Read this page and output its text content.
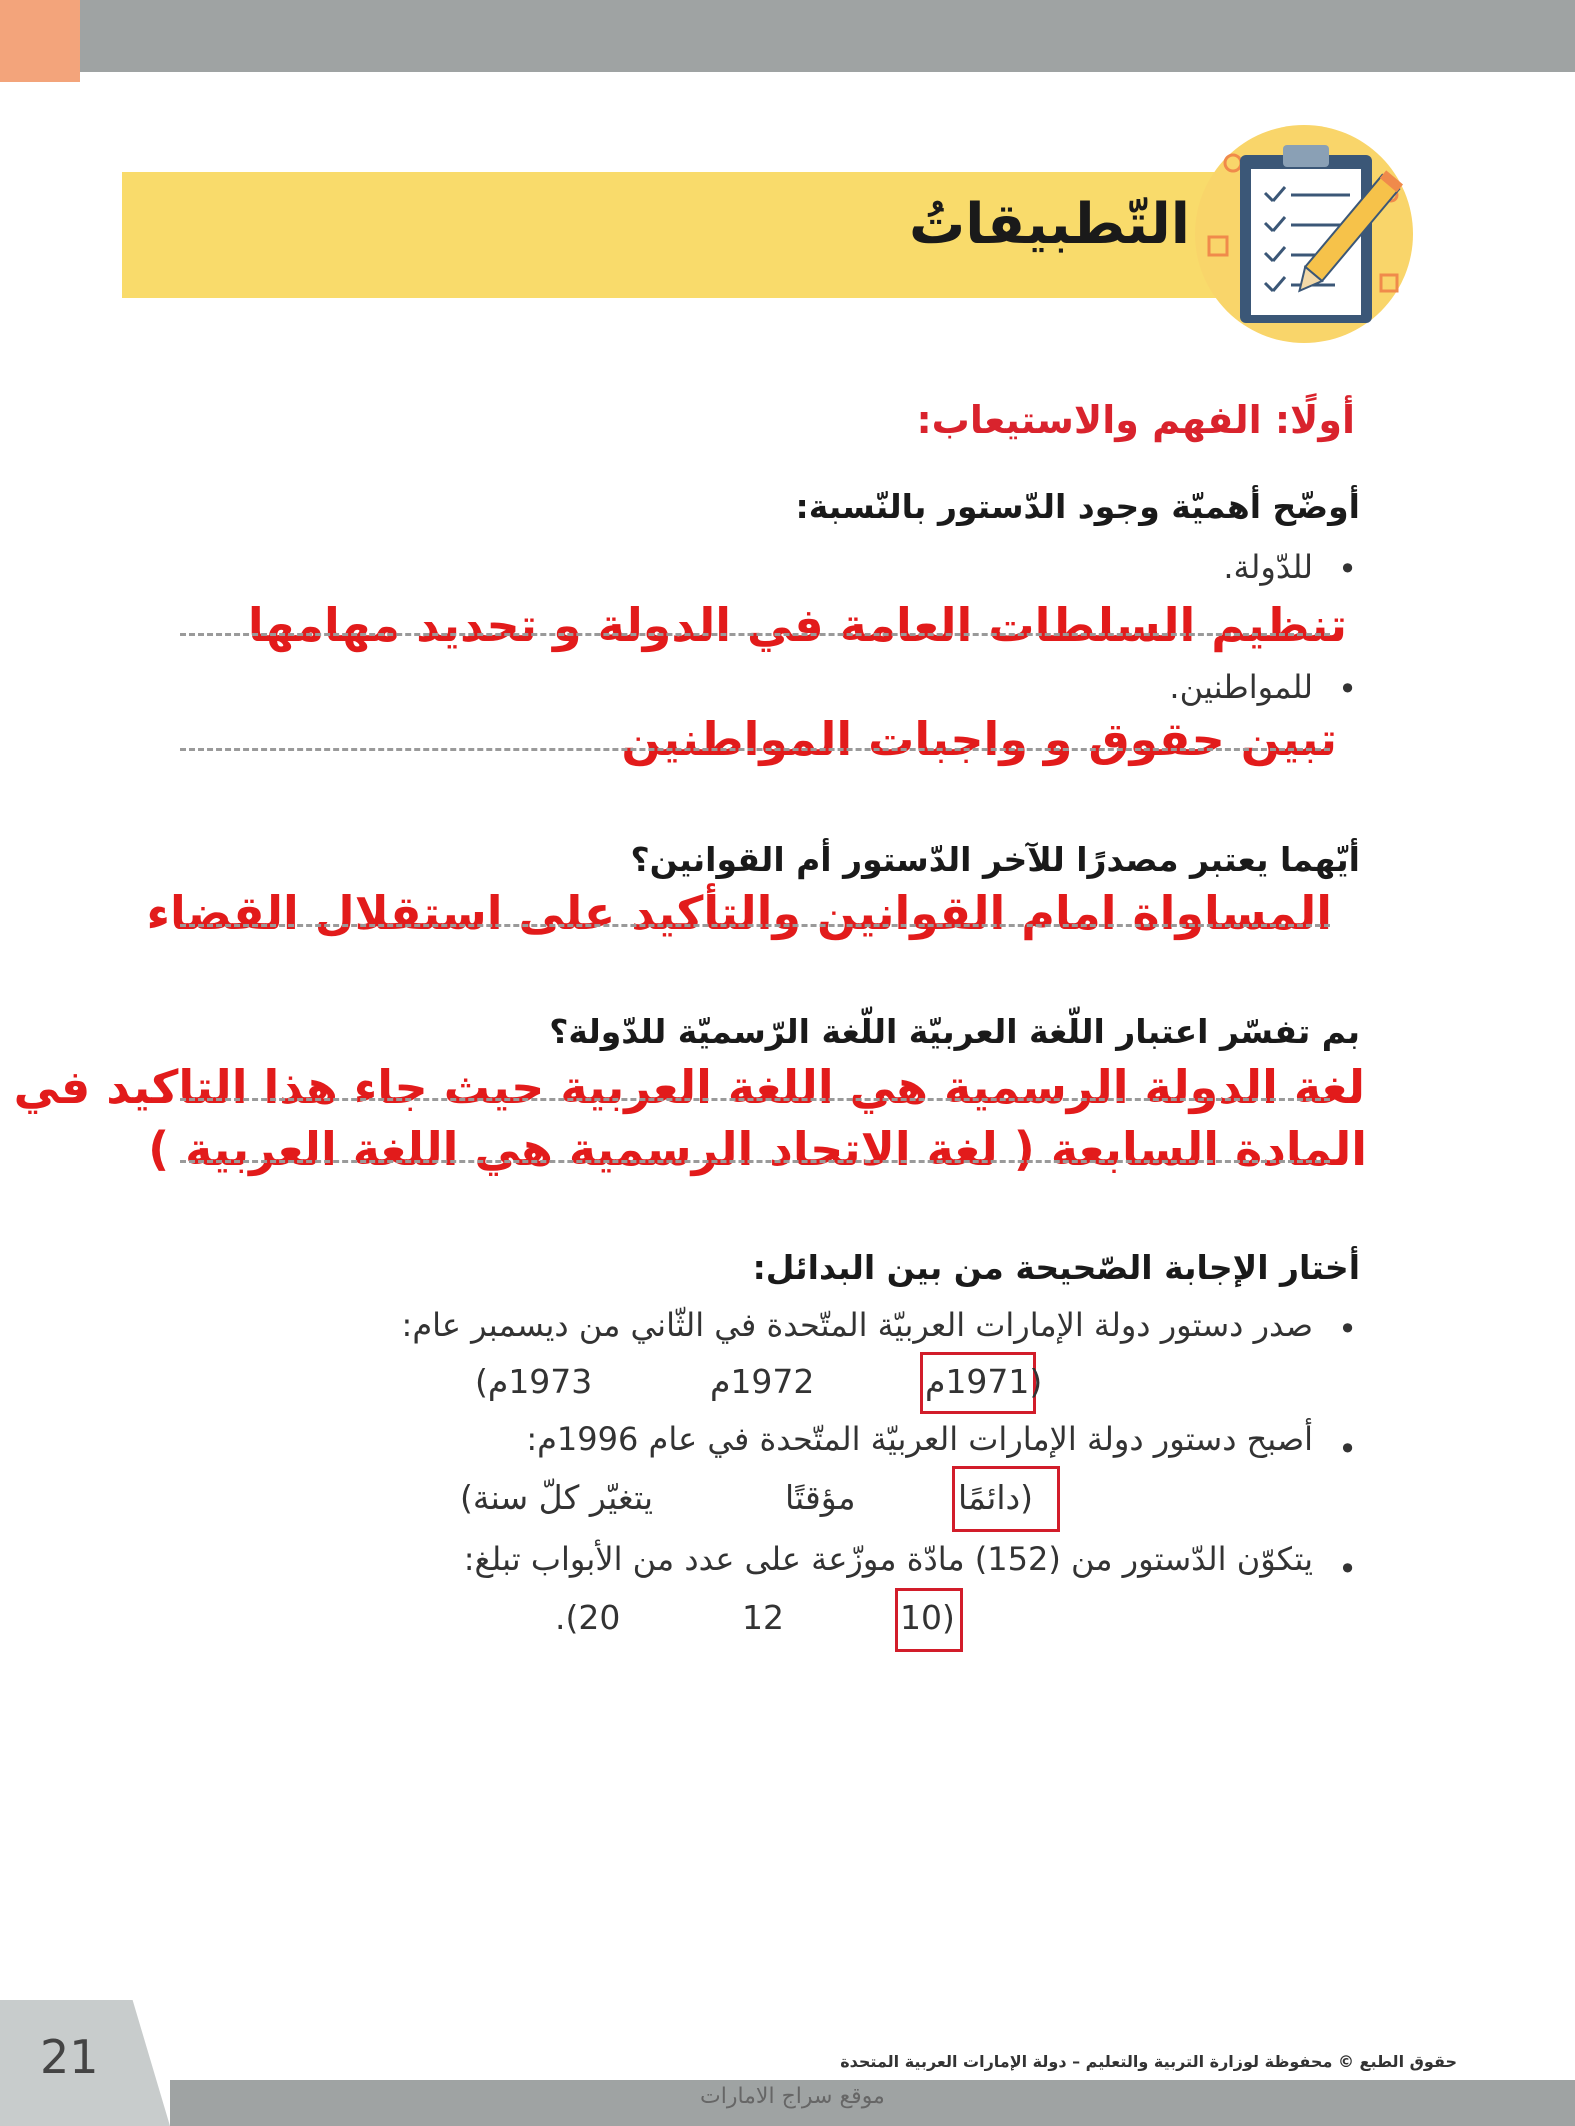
التّطبيقاتُ
أولًا: الفهم والاستيعاب:
أوضّح أهميّة وجود الدّستور بالنّسبة:
•
للدّولة.
تنظيم السلطات العامة في الدولة و تحديد مهامها
•
للمواطنين.
تبين حقوق و واجبات المواطنين
أيّهما يعتبر مصدرًا للآخر الدّستور أم القوانين؟
المساواة امام القوانين والتأكيد على استقلال القضاء
بم تفسّر اعتبار اللّغة العربيّة اللّغة الرّسميّة للدّولة؟
لغة الدولة الرسمية هي اللغة العربية حيث جاء هذا التاكيد في
المادة السابعة ( لغة الاتحاد الرسمية هي اللغة العربية )
أختار الإجابة الصّحيحة من بين البدائل:
•
صدر دستور دولة الإمارات العربيّة المتّحدة في الثّاني من ديسمبر عام:
(1971م
1972م
1973م)
•
أصبح دستور دولة الإمارات العربيّة المتّحدة في عام 1996م:
(دائمًا
مؤقتًا
يتغيّر كلّ سنة)
•
يتكوّن الدّستور من (152) مادّة موزّعة على عدد من الأبواب تبلغ:
(10
12
20).
21	حقوق الطبع © محفوظة لوزارة التربية والتعليم – دولة الإمارات العربية المتحدة
موقع سراج الامارات
